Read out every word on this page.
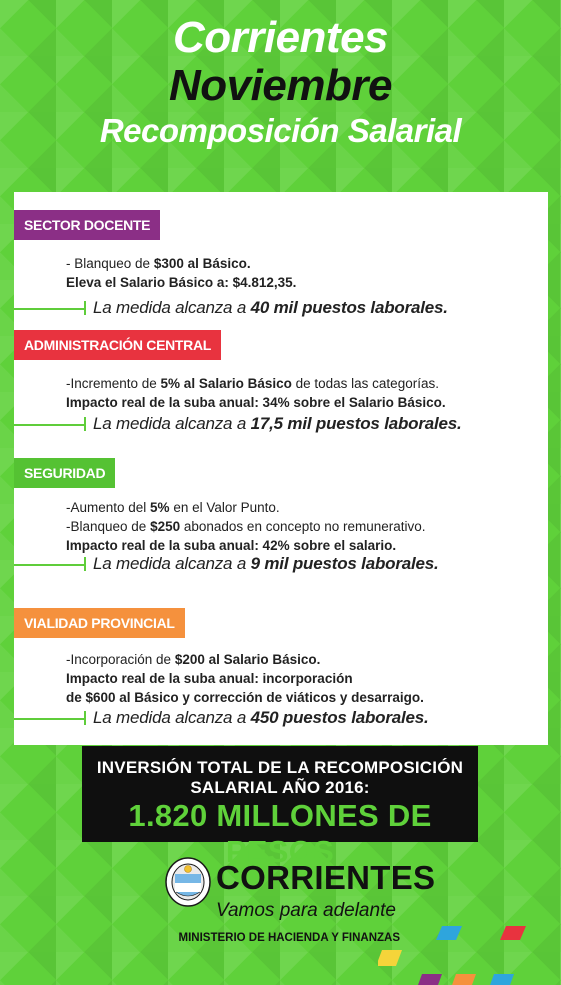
Corrientes
Noviembre
Recomposición Salarial
SECTOR DOCENTE
- Blanqueo de $300 al Básico.
Eleva el Salario Básico a: $4.812,35.
La medida alcanza a 40 mil puestos laborales.
ADMINISTRACIÓN CENTRAL
-Incremento de 5% al Salario Básico de todas las categorías.
Impacto real de la suba anual: 34% sobre el Salario Básico.
La medida alcanza a 17,5 mil puestos laborales.
SEGURIDAD
-Aumento del 5% en el Valor Punto.
-Blanqueo de $250 abonados en concepto no remunerativo.
Impacto real de la suba anual: 42% sobre el salario.
La medida alcanza a 9 mil puestos laborales.
VIALIDAD PROVINCIAL
-Incorporación de $200 al Salario Básico.
Impacto real de la suba anual: incorporación
de $600 al Básico y corrección de viáticos y desarraigo.
La medida alcanza a 450 puestos laborales.
INVERSIÓN TOTAL DE LA RECOMPOSICIÓN
SALARIAL AÑO 2016:
1.820 MILLONES DE PESOS
CORRIENTES
Vamos para adelante
MINISTERIO DE HACIENDA Y FINANZAS
